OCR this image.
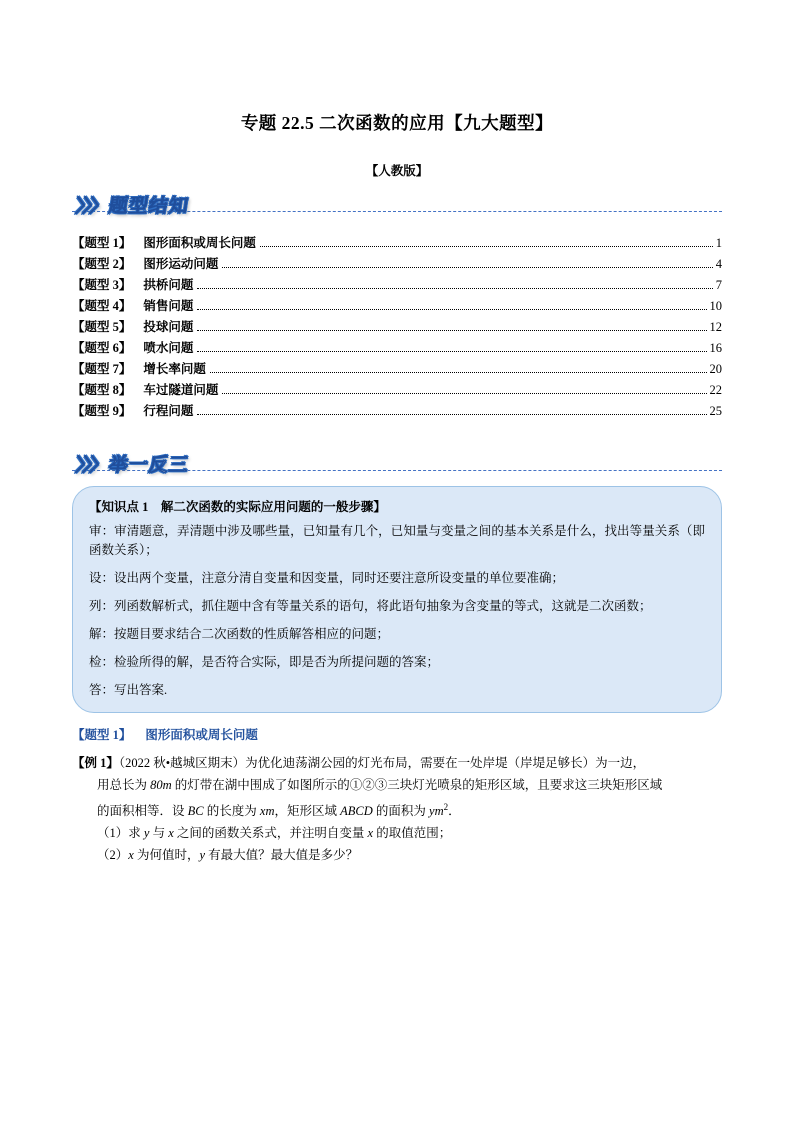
专题 22.5 二次函数的应用【九大题型】
【人教版】
〉〉〉题型结知
【题型 1 】 图形面积或周长问题	1
【题型 2 】 图形运动问题	4
【题型 3 】 拱桥问题	7
【题型 4 】 销售问题	10
【题型 5 】 投球问题	12
【题型 6 】 喷水问题	16
【题型 7 】 增长率问题	20
【题型 8 】 车过隧道问题	22
【题型 9 】 行程问题	25
〉〉〉举一反三
【知识点 1　解二次函数的实际应用问题的一般步骤】

审：审清题意，弄清题中涉及哪些量，已知量有几个，已知量与变量之间的基本关系是什么，找出等量关系（即函数关系）；

设：设出两个变量，注意分清自变量和因变量，同时还要注意所设变量的单位要准确；

列：列函数解析式，抓住题中含有等量关系的语句，将此语句抽象为含变量的等式，这就是二次函数；

解：按题目要求结合二次函数的性质解答相应的问题；

检：检验所得的解，是否符合实际，即是否为所提问题的答案；

答：写出答案.

【题型 1】 图形面积或周长问题
【例 1】（2022 秋•越城区期末）为优化迪荡湖公园的灯光布局，需要在一处岸堤（岸堤足够长）为一边，
用总长为 80m 的灯带在湖中围成了如图所示的①②③三块灯光喷泉的矩形区域，且要求这三块矩形区域
的面积相等．设 BC 的长度为 xm，矩形区域 ABCD 的面积为 $ym^2$．
（1）求 y 与 x 之间的函数关系式，并注明自变量 x 的取值范围；
（2）x 为何值时，y 有最大值？最大值是多少？
